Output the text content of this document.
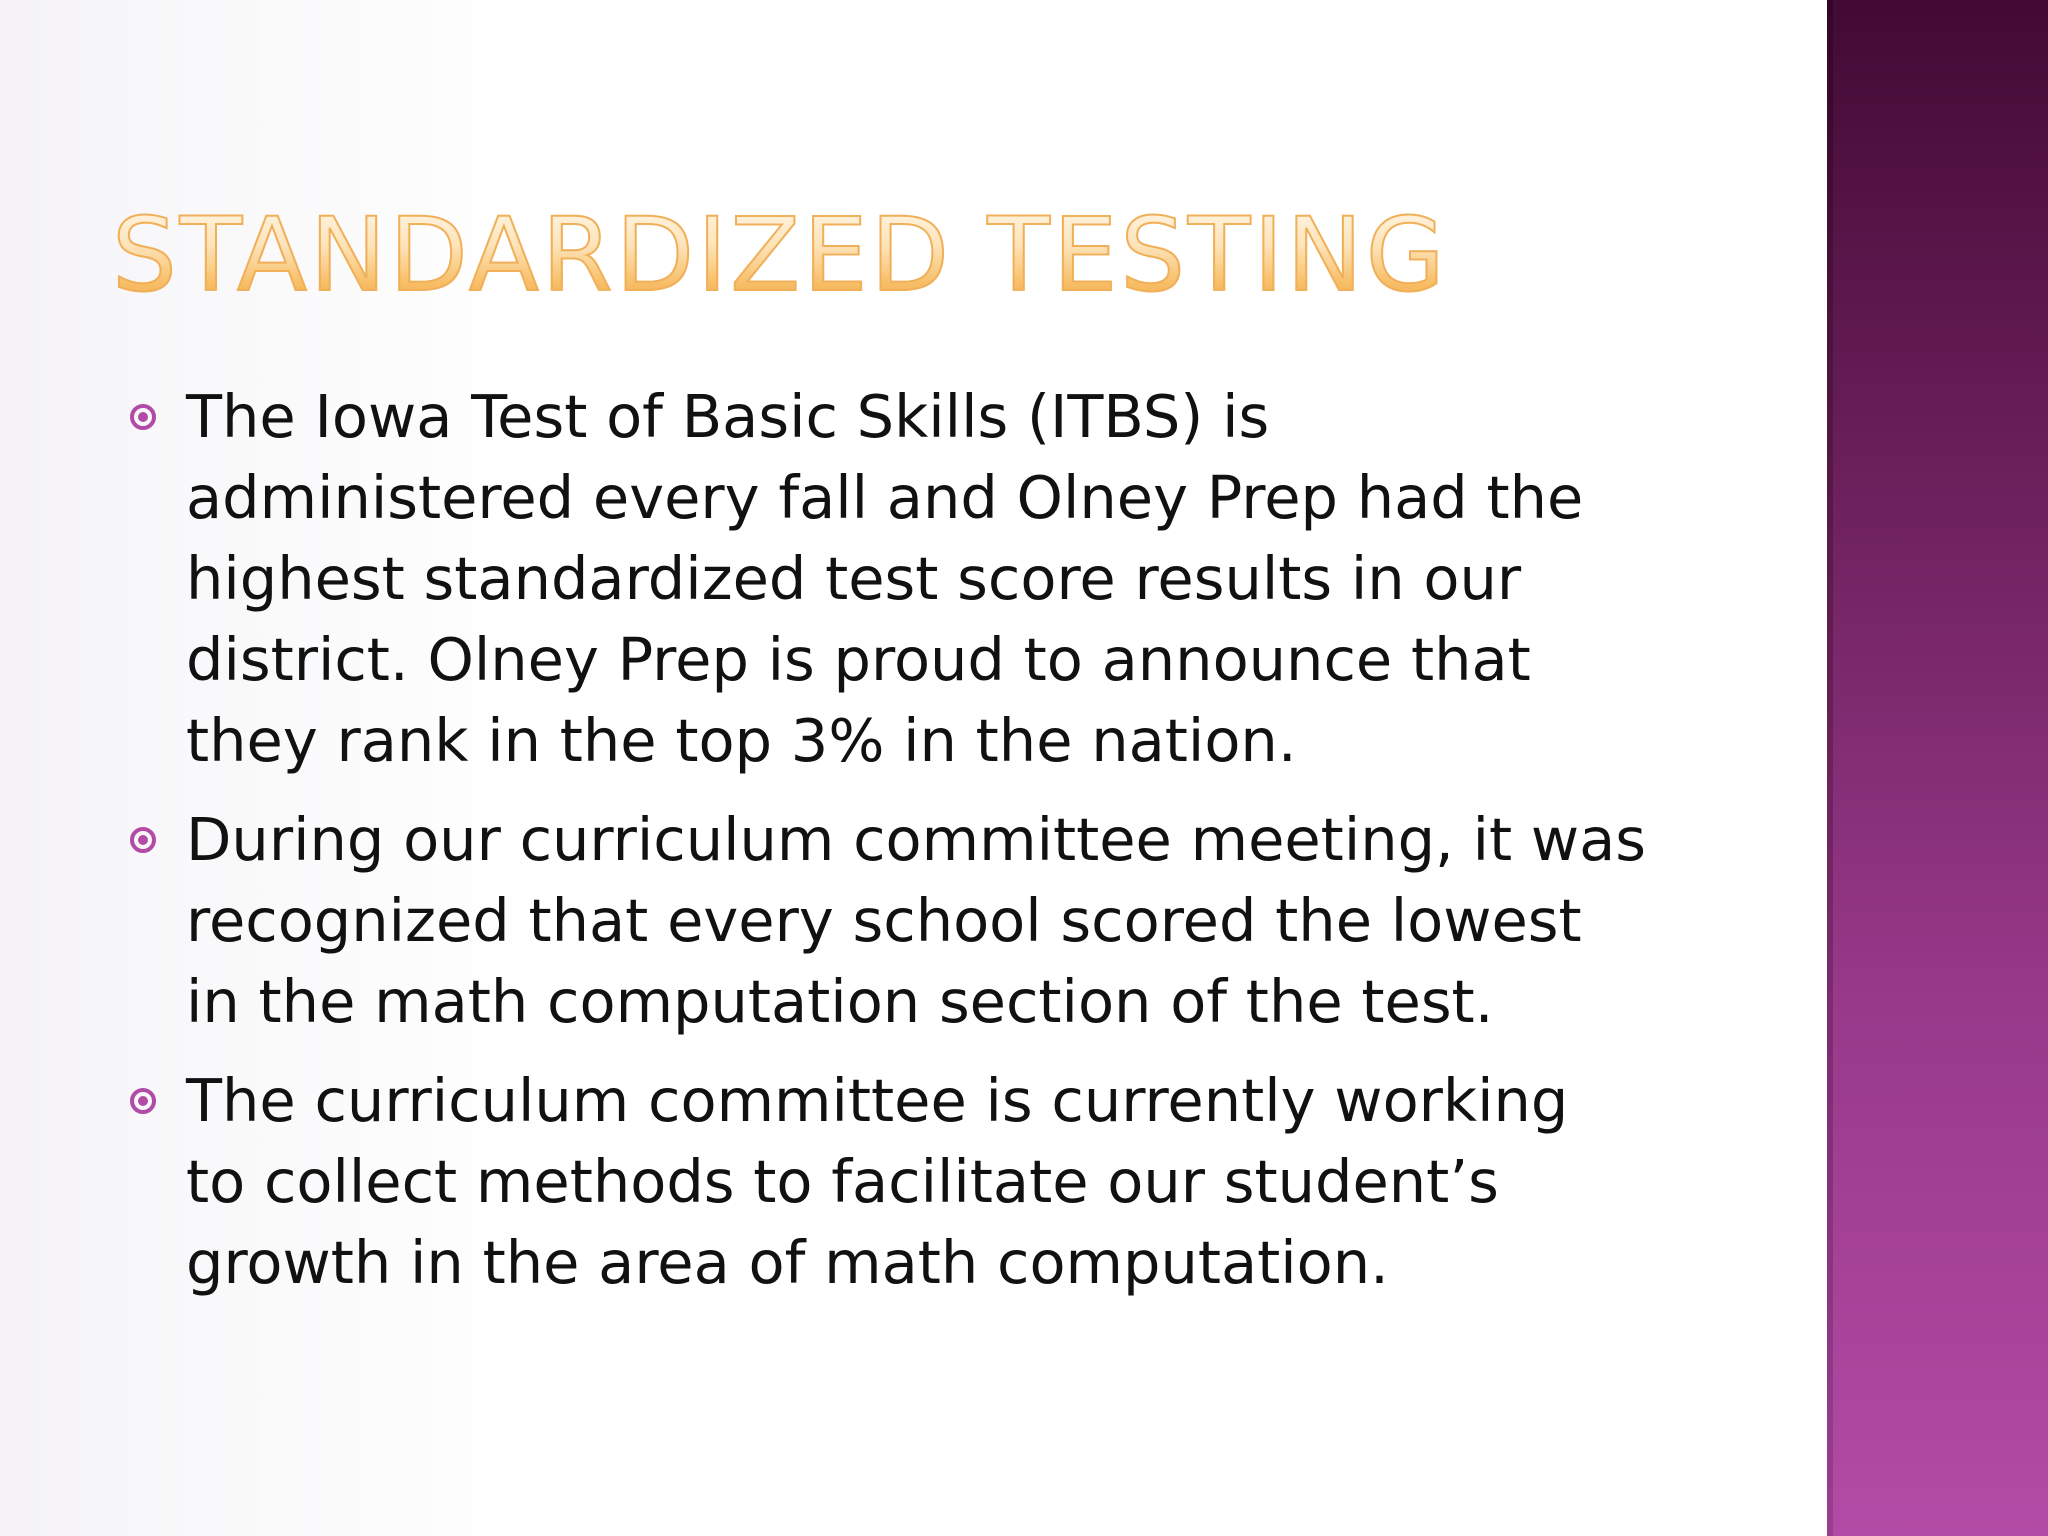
STANDARDIZED TESTING
The Iowa Test of Basic Skills (ITBS) is
administered every fall and Olney Prep had the
highest standardized test score results in our
district. Olney Prep is proud to announce that
they rank in the top 3% in the nation.
During our curriculum committee meeting, it was
recognized that every school scored the lowest
in the math computation section of the test.
The curriculum committee is currently working
to collect methods to facilitate our student’s
growth in the area of math computation.
